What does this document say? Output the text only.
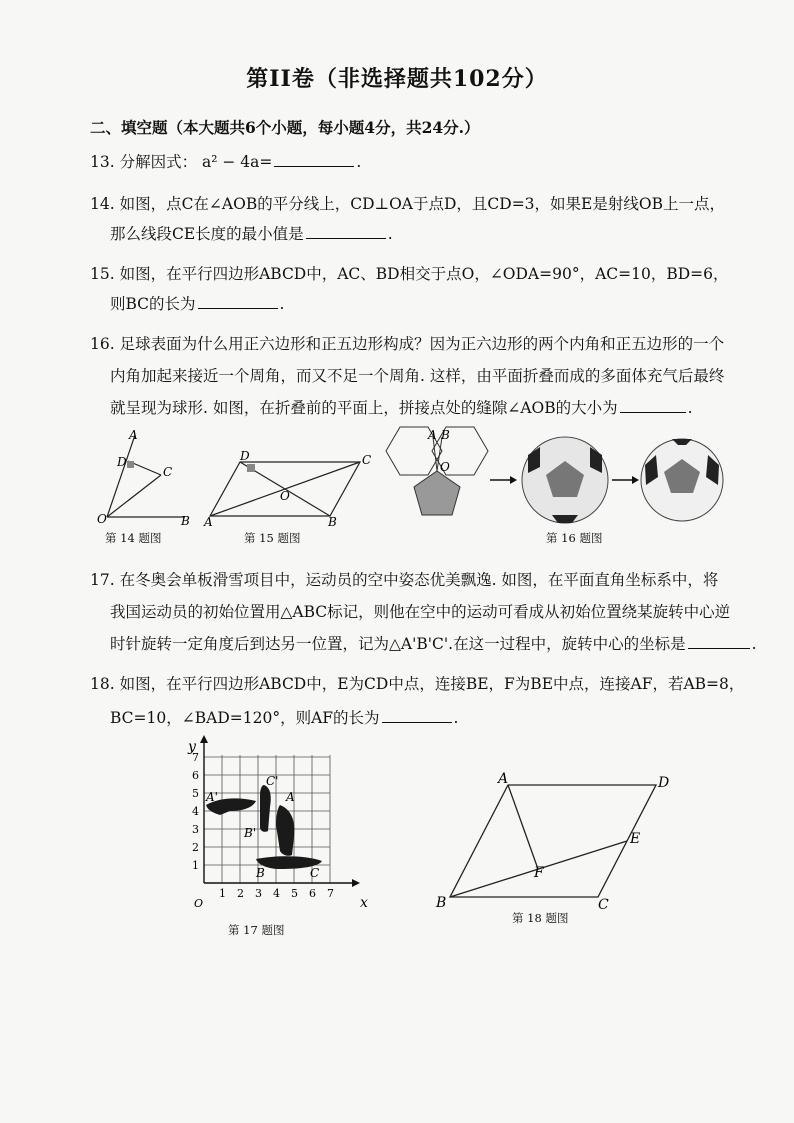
第II卷（非选择题共102分）
二、填空题（本大题共6个小题，每小题4分，共24分.）
13. 分解因式： a² − 4a=	.
14. 如图，点C在∠AOB的平分线上，CD⊥OA于点D，且CD=3，如果E是射线OB上一点，
那么线段CE长度的最小值是	.
15. 如图，在平行四边形ABCD中，AC、BD相交于点O，∠ODA=90°，AC=10，BD=6，
则BC的长为	.
16. 足球表面为什么用正六边形和正五边形构成？因为正六边形的两个内角和正五边形的一个
内角加起来接近一个周角，而又不足一个周角. 这样，由平面折叠而成的多面体充气后最终
就呈现为球形. 如图，在折叠前的平面上，拼接点处的缝隙∠AOB的大小为	.
A
D
C
O	B
第 14 题图
D	C
O
A	B
第 15 题图
A B
O
第 16 题图
17. 在冬奥会单板滑雪项目中，运动员的空中姿态优美飘逸. 如图，在平面直角坐标系中，将
我国运动员的初始位置用△ABC标记，则他在空中的运动可看成从初始位置绕某旋转中心逆
时针旋转一定角度后到达另一位置，记为△A'B'C'.在这一过程中，旋转中心的坐标是	.
18. 如图，在平行四边形ABCD中，E为CD中点，连接BE，F为BE中点，连接AF，若AB=8，
BC=10，∠BAD=120°，则AF的长为	.
y
x
O
7
6
5
4
3
2
1
1 2 3 4 5 6 7
C'
A'
B'
A
B	C
第 17 题图
A	D
E
F
B	C
第 18 题图
